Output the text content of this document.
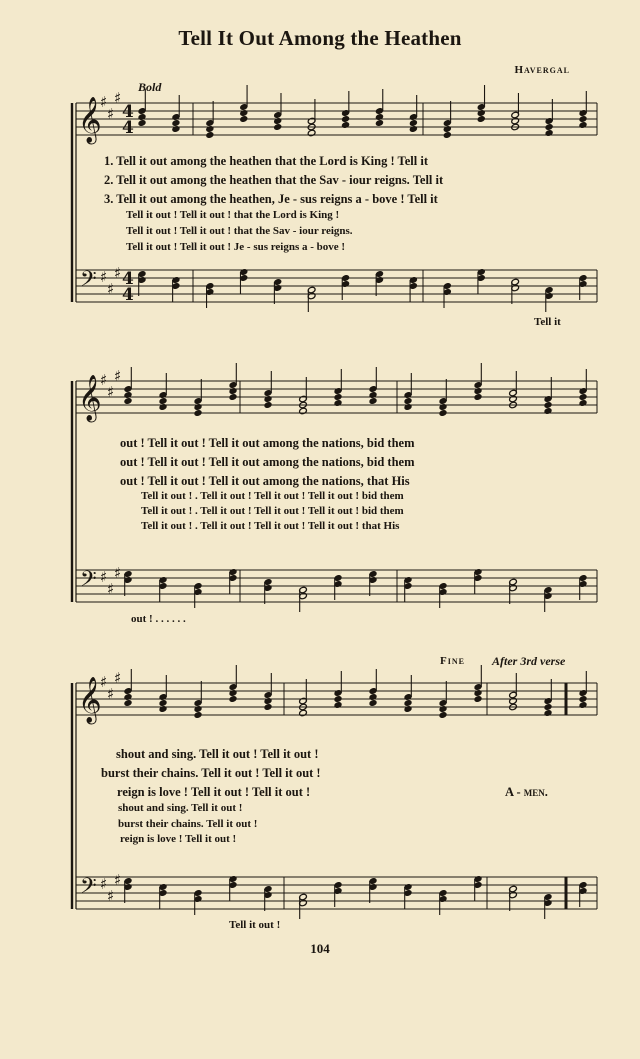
Tell It Out Among the Heathen
Havergal
Bold
Fine After 3rd verse
𝄞
𝄢
♯
♯
♯
♯
♯
♯
4
4
4
4
𝄞
𝄢
♯
♯
♯
♯
♯
♯
𝄞
𝄢
♯
♯
♯
♯
♯
♯
1. Tell it out among the heathen that the Lord is King ! Tell it
2. Tell it out among the heathen that the Sav - iour reigns. Tell it
3. Tell it out among the heathen, Je - sus reigns a - bove ! Tell it
Tell it out ! Tell it out ! that the Lord is King !
Tell it out ! Tell it out ! that the Sav - iour reigns.
Tell it out ! Tell it out ! Je - sus reigns a - bove !
Tell it
out ! Tell it out ! Tell it out among the nations, bid them
out ! Tell it out ! Tell it out among the nations, bid them
out ! Tell it out ! Tell it out among the nations, that His
Tell it out ! . Tell it out ! Tell it out ! Tell it out ! bid them
Tell it out ! . Tell it out ! Tell it out ! Tell it out ! bid them
Tell it out ! . Tell it out ! Tell it out ! Tell it out ! that His
out ! . . . . . .
shout and sing. Tell it out ! Tell it out !
burst their chains. Tell it out ! Tell it out !
reign is love ! Tell it out ! Tell it out !	A - men.
shout and sing. Tell it out !
burst their chains. Tell it out !
reign is love ! Tell it out !
Tell it out !
104
